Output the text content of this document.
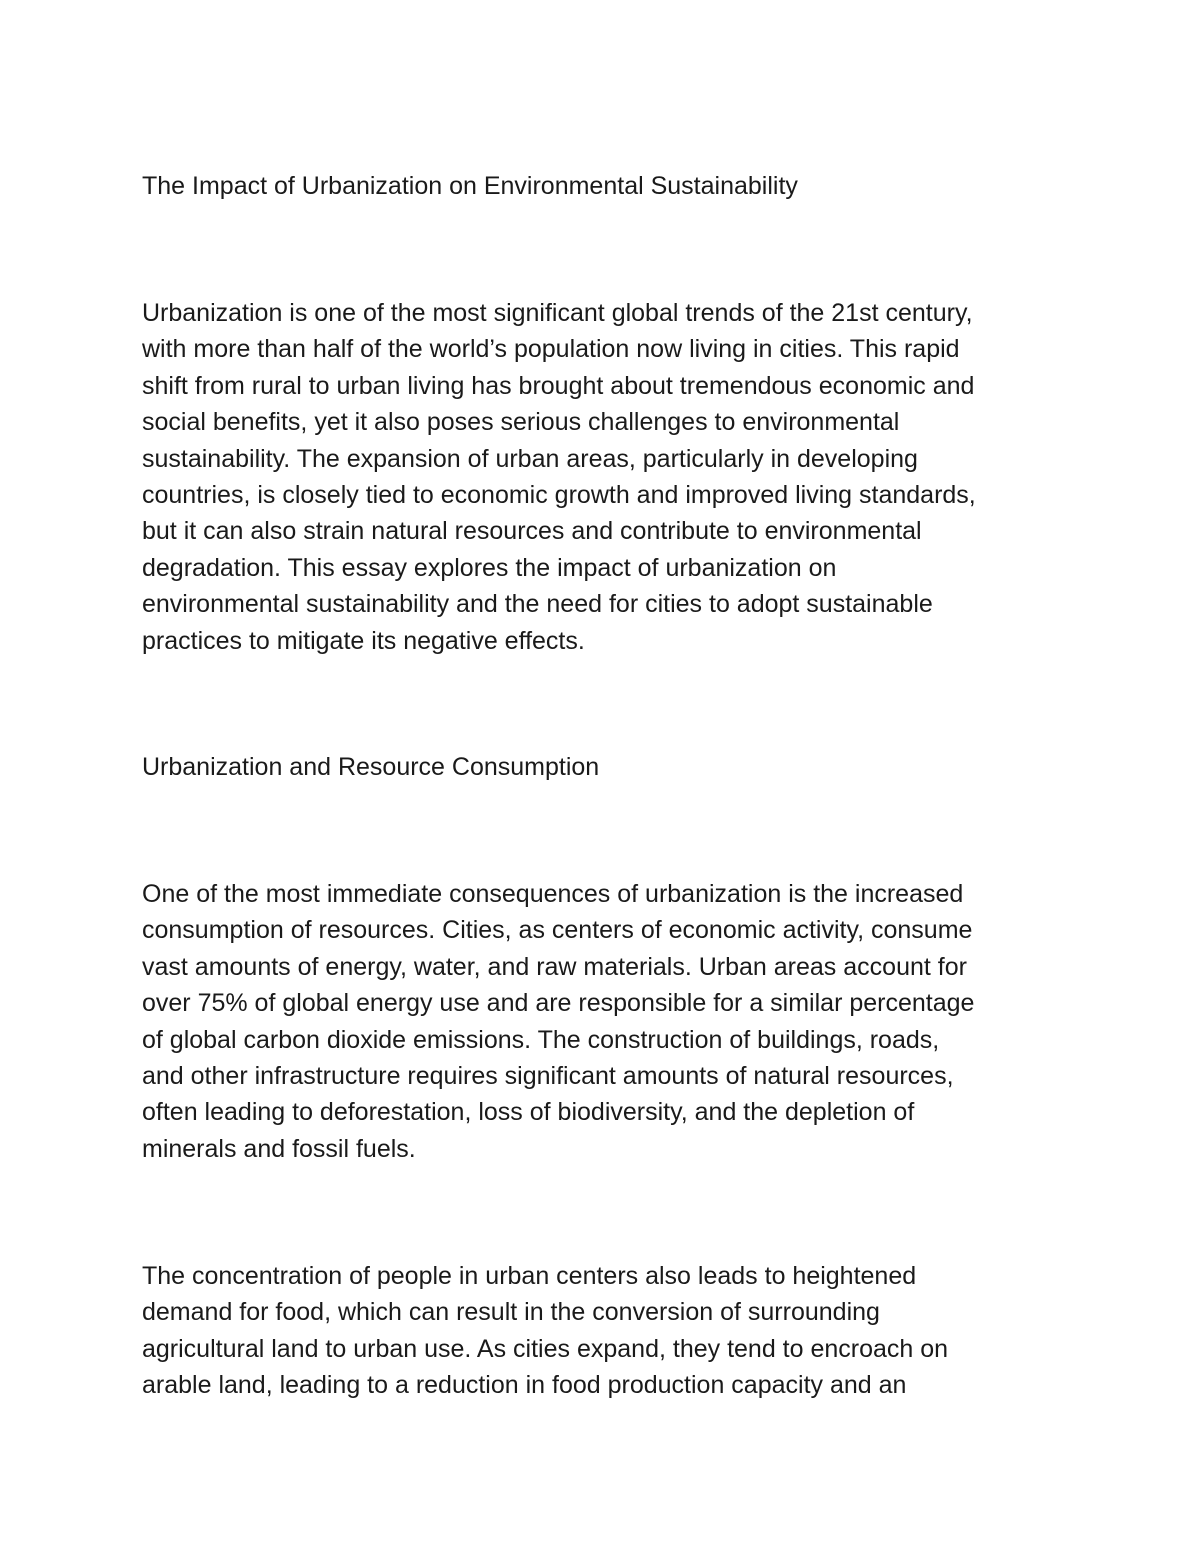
The Impact of Urbanization on Environmental Sustainability

Urbanization is one of the most significant global trends of the 21st century,
with more than half of the world’s population now living in cities. This rapid
shift from rural to urban living has brought about tremendous economic and
social benefits, yet it also poses serious challenges to environmental
sustainability. The expansion of urban areas, particularly in developing
countries, is closely tied to economic growth and improved living standards,
but it can also strain natural resources and contribute to environmental
degradation. This essay explores the impact of urbanization on
environmental sustainability and the need for cities to adopt sustainable
practices to mitigate its negative effects.

Urbanization and Resource Consumption

One of the most immediate consequences of urbanization is the increased
consumption of resources. Cities, as centers of economic activity, consume
vast amounts of energy, water, and raw materials. Urban areas account for
over 75% of global energy use and are responsible for a similar percentage
of global carbon dioxide emissions. The construction of buildings, roads,
and other infrastructure requires significant amounts of natural resources,
often leading to deforestation, loss of biodiversity, and the depletion of
minerals and fossil fuels.

The concentration of people in urban centers also leads to heightened
demand for food, which can result in the conversion of surrounding
agricultural land to urban use. As cities expand, they tend to encroach on
arable land, leading to a reduction in food production capacity and an
